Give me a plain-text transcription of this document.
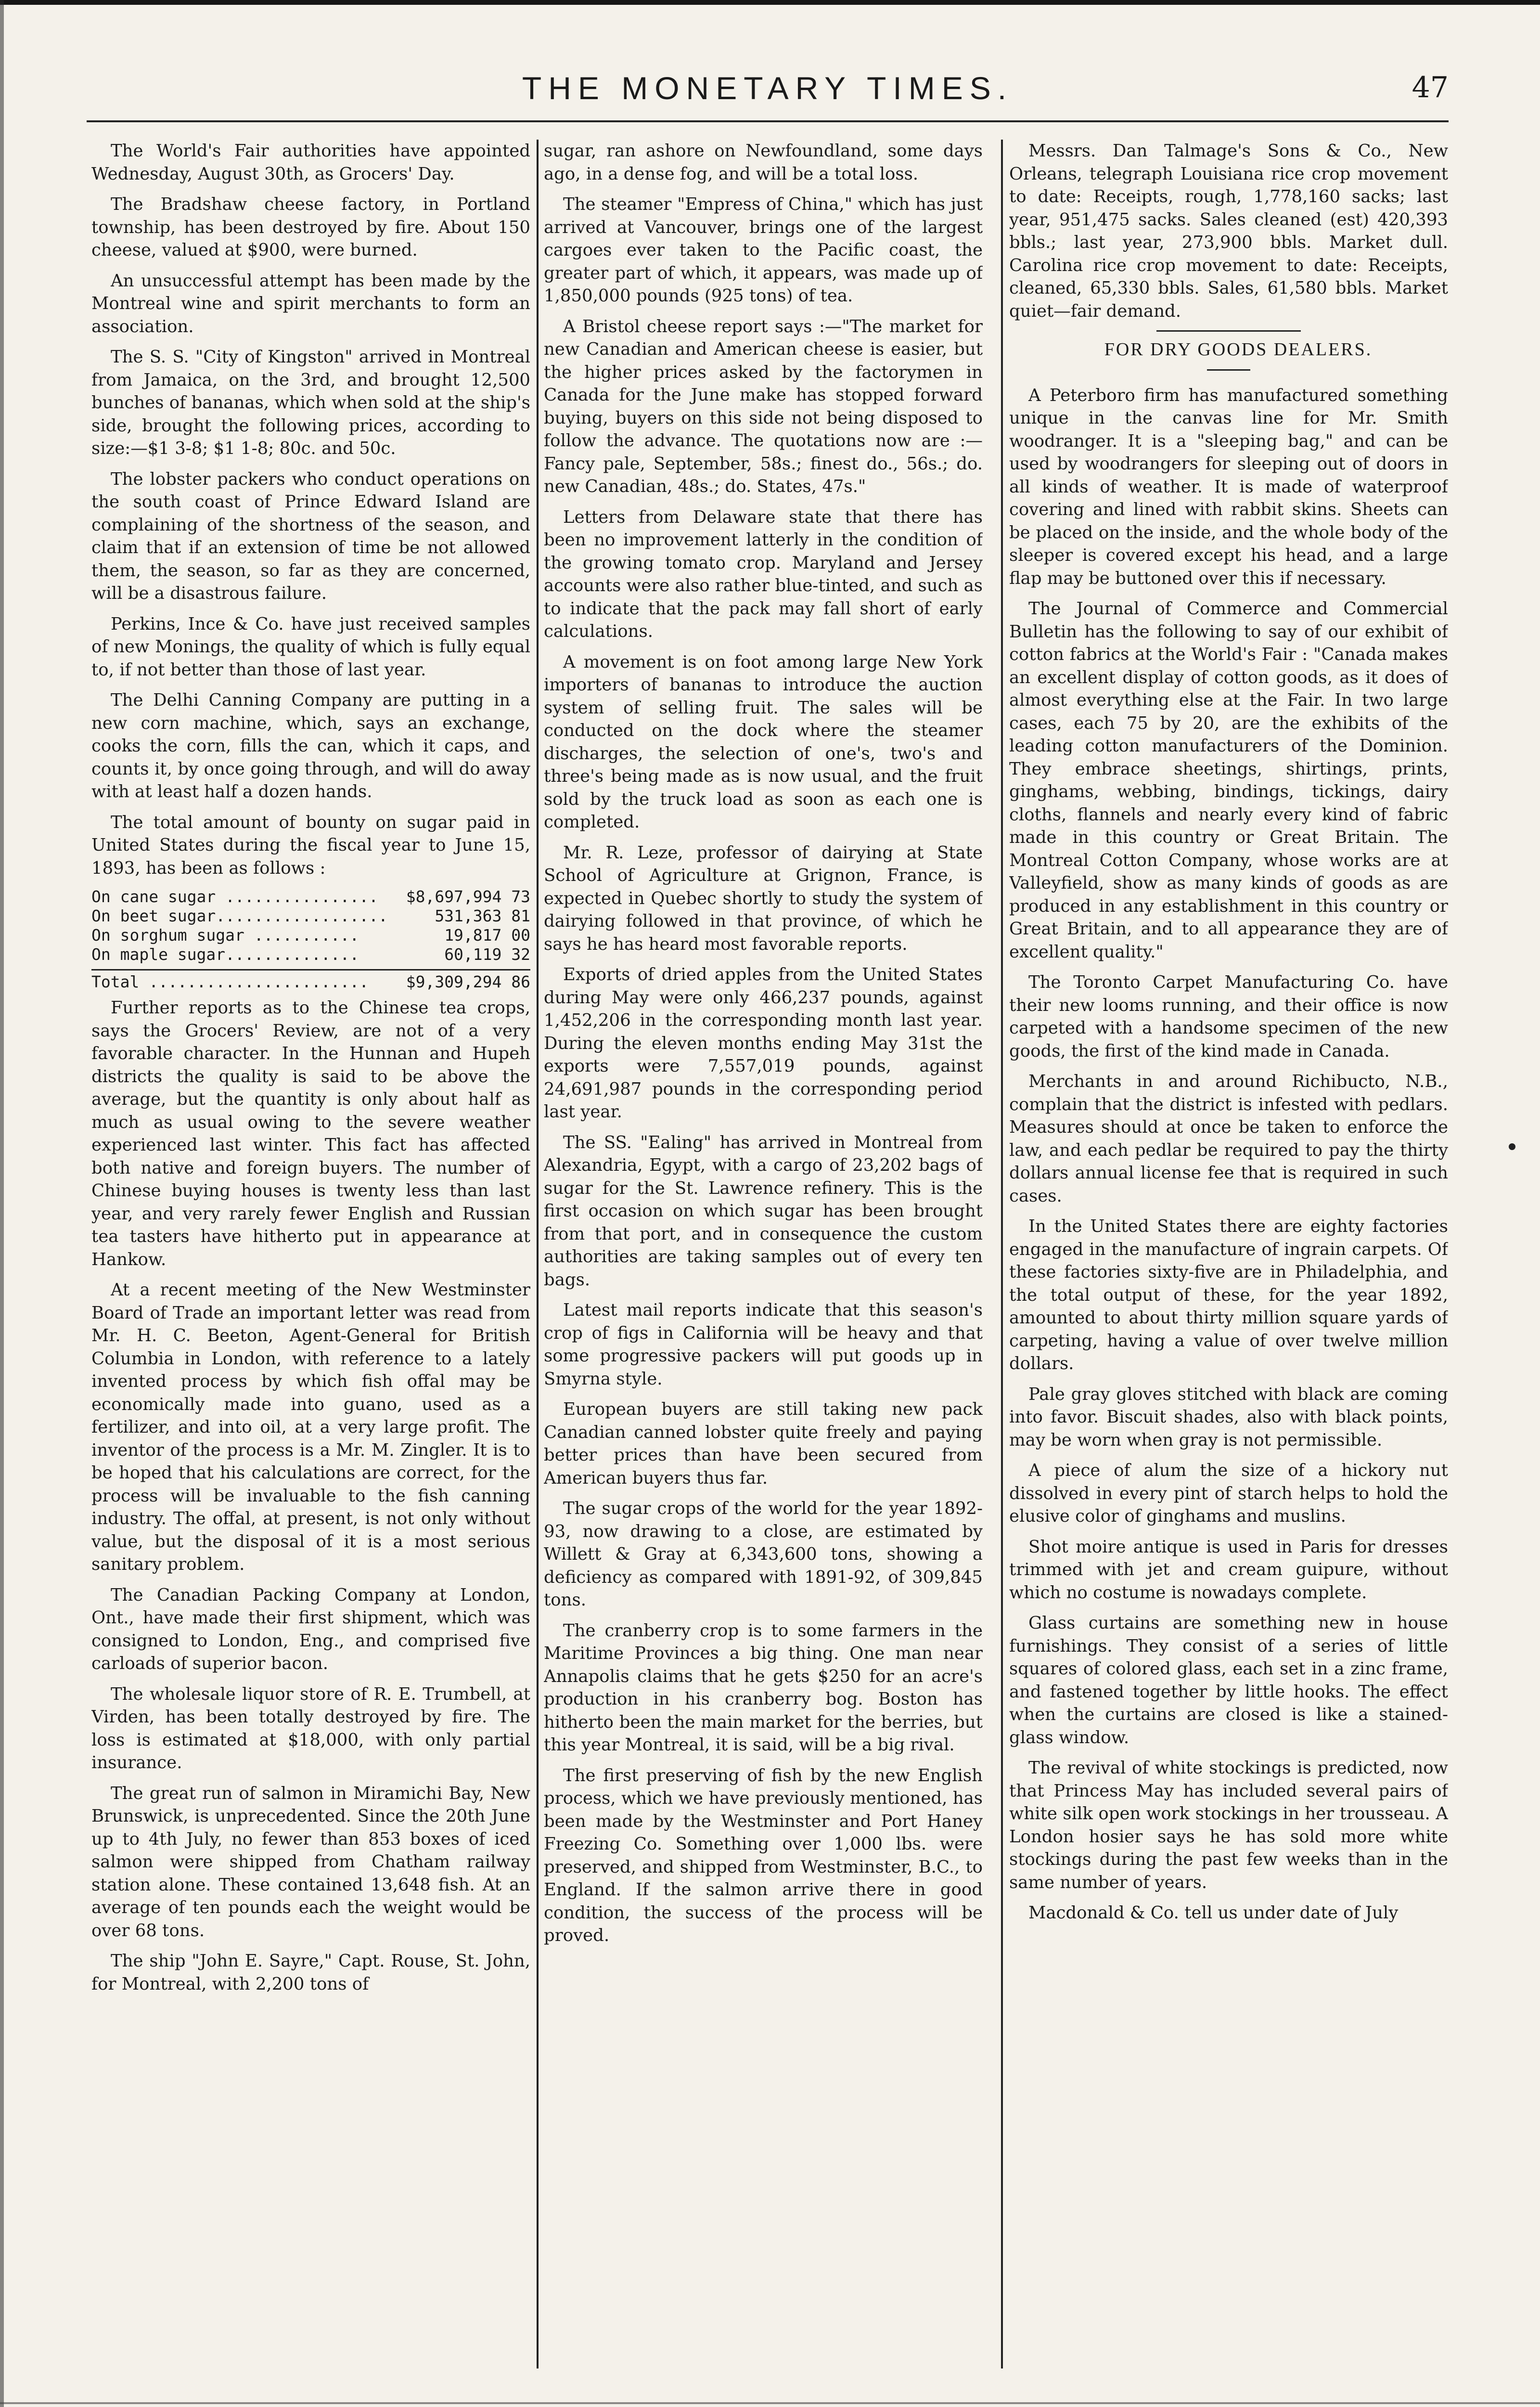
THE MONETARY TIMES.	47

The World's Fair authorities have appointed Wednesday, August 30th, as Grocers' Day.

The Bradshaw cheese factory, in Portland township, has been destroyed by fire. About 150 cheese, valued at $900, were burned.

An unsuccessful attempt has been made by the Montreal wine and spirit merchants to form an association.

The S. S. "City of Kingston" arrived in Montreal from Jamaica, on the 3rd, and brought 12,500 bunches of bananas, which when sold at the ship's side, brought the following prices, according to size:—$1 3-8; $1 1-8; 80c. and 50c.

The lobster packers who conduct operations on the south coast of Prince Edward Island are complaining of the shortness of the season, and claim that if an extension of time be not allowed them, the season, so far as they are concerned, will be a disastrous failure.

Perkins, Ince & Co. have just received samples of new Monings, the quality of which is fully equal to, if not better than those of last year.

The Delhi Canning Company are putting in a new corn machine, which, says an exchange, cooks the corn, fills the can, which it caps, and counts it, by once going through, and will do away with at least half a dozen hands.

The total amount of bounty on sugar paid in United States during the fiscal year to June 15, 1893, has been as follows :

On cane sugar ................ $8,697,994 73
On beet sugar..................	531,363 81
On sorghum sugar ...........	19,817 00
On maple sugar..............	60,119 32
Total ....................... $9,309,294 86

Further reports as to the Chinese tea crops, says the Grocers' Review, are not of a very favorable character. In the Hunnan and Hupeh districts the quality is said to be above the average, but the quantity is only about half as much as usual owing to the severe weather experienced last winter. This fact has affected both native and foreign buyers. The number of Chinese buying houses is twenty less than last year, and very rarely fewer English and Russian tea tasters have hitherto put in appearance at Hankow.

At a recent meeting of the New Westminster Board of Trade an important letter was read from Mr. H. C. Beeton, Agent-General for British Columbia in London, with reference to a lately invented process by which fish offal may be economically made into guano, used as a fertilizer, and into oil, at a very large profit. The inventor of the process is a Mr. M. Zingler. It is to be hoped that his calculations are correct, for the process will be invaluable to the fish canning industry. The offal, at present, is not only without value, but the disposal of it is a most serious sanitary problem.

The Canadian Packing Company at London, Ont., have made their first shipment, which was consigned to London, Eng., and comprised five carloads of superior bacon.

The wholesale liquor store of R. E. Trumbell, at Virden, has been totally destroyed by fire. The loss is estimated at $18,000, with only partial insurance.

The great run of salmon in Miramichi Bay, New Brunswick, is unprecedented. Since the 20th June up to 4th July, no fewer than 853 boxes of iced salmon were shipped from Chatham railway station alone. These contained 13,648 fish. At an average of ten pounds each the weight would be over 68 tons.

The ship "John E. Sayre," Capt. Rouse, St. John, for Montreal, with 2,200 tons of

sugar, ran ashore on Newfoundland, some days ago, in a dense fog, and will be a total loss.

The steamer "Empress of China," which has just arrived at Vancouver, brings one of the largest cargoes ever taken to the Pacific coast, the greater part of which, it appears, was made up of 1,850,000 pounds (925 tons) of tea.

A Bristol cheese report says :—"The market for new Canadian and American cheese is easier, but the higher prices asked by the factorymen in Canada for the June make has stopped forward buying, buyers on this side not being disposed to follow the advance. The quotations now are :—Fancy pale, September, 58s.; finest do., 56s.; do. new Canadian, 48s.; do. States, 47s."

Letters from Delaware state that there has been no improvement latterly in the condition of the growing tomato crop. Maryland and Jersey accounts were also rather blue-tinted, and such as to indicate that the pack may fall short of early calculations.

A movement is on foot among large New York importers of bananas to introduce the auction system of selling fruit. The sales will be conducted on the dock where the steamer discharges, the selection of one's, two's and three's being made as is now usual, and the fruit sold by the truck load as soon as each one is completed.

Mr. R. Leze, professor of dairying at State School of Agriculture at Grignon, France, is expected in Quebec shortly to study the system of dairying followed in that province, of which he says he has heard most favorable reports.

Exports of dried apples from the United States during May were only 466,237 pounds, against 1,452,206 in the corresponding month last year. During the eleven months ending May 31st the exports were 7,557,019 pounds, against 24,691,987 pounds in the corresponding period last year.

The SS. "Ealing" has arrived in Montreal from Alexandria, Egypt, with a cargo of 23,202 bags of sugar for the St. Lawrence refinery. This is the first occasion on which sugar has been brought from that port, and in consequence the custom authorities are taking samples out of every ten bags.

Latest mail reports indicate that this season's crop of figs in California will be heavy and that some progressive packers will put goods up in Smyrna style.

European buyers are still taking new pack Canadian canned lobster quite freely and paying better prices than have been secured from American buyers thus far.

The sugar crops of the world for the year 1892-93, now drawing to a close, are estimated by Willett & Gray at 6,343,600 tons, showing a deficiency as compared with 1891-92, of 309,845 tons.

The cranberry crop is to some farmers in the Maritime Provinces a big thing. One man near Annapolis claims that he gets $250 for an acre's production in his cranberry bog. Boston has hitherto been the main market for the berries, but this year Montreal, it is said, will be a big rival.

The first preserving of fish by the new English process, which we have previously mentioned, has been made by the Westminster and Port Haney Freezing Co. Something over 1,000 lbs. were preserved, and shipped from Westminster, B.C., to England. If the salmon arrive there in good condition, the success of the process will be proved.

Messrs. Dan Talmage's Sons & Co., New Orleans, telegraph Louisiana rice crop movement to date: Receipts, rough, 1,778,160 sacks; last year, 951,475 sacks. Sales cleaned (est) 420,393 bbls.; last year, 273,900 bbls. Market dull. Carolina rice crop movement to date: Receipts, cleaned, 65,330 bbls. Sales, 61,580 bbls. Market quiet—fair demand.

FOR DRY GOODS DEALERS.

A Peterboro firm has manufactured something unique in the canvas line for Mr. Smith woodranger. It is a "sleeping bag," and can be used by woodrangers for sleeping out of doors in all kinds of weather. It is made of waterproof covering and lined with rabbit skins. Sheets can be placed on the inside, and the whole body of the sleeper is covered except his head, and a large flap may be buttoned over this if necessary.

The Journal of Commerce and Commercial Bulletin has the following to say of our exhibit of cotton fabrics at the World's Fair : "Canada makes an excellent display of cotton goods, as it does of almost everything else at the Fair. In two large cases, each 75 by 20, are the exhibits of the leading cotton manufacturers of the Dominion. They embrace sheetings, shirtings, prints, ginghams, webbing, bindings, tickings, dairy cloths, flannels and nearly every kind of fabric made in this country or Great Britain. The Montreal Cotton Company, whose works are at Valleyfield, show as many kinds of goods as are produced in any establishment in this country or Great Britain, and to all appearance they are of excellent quality."

The Toronto Carpet Manufacturing Co. have their new looms running, and their office is now carpeted with a handsome specimen of the new goods, the first of the kind made in Canada.

Merchants in and around Richibucto, N.B., complain that the district is infested with pedlars. Measures should at once be taken to enforce the law, and each pedlar be required to pay the thirty dollars annual license fee that is required in such cases.

In the United States there are eighty factories engaged in the manufacture of ingrain carpets. Of these factories sixty-five are in Philadelphia, and the total output of these, for the year 1892, amounted to about thirty million square yards of carpeting, having a value of over twelve million dollars.

Pale gray gloves stitched with black are coming into favor. Biscuit shades, also with black points, may be worn when gray is not permissible.

A piece of alum the size of a hickory nut dissolved in every pint of starch helps to hold the elusive color of ginghams and muslins.

Shot moire antique is used in Paris for dresses trimmed with jet and cream guipure, without which no costume is nowadays complete.

Glass curtains are something new in house furnishings. They consist of a series of little squares of colored glass, each set in a zinc frame, and fastened together by little hooks. The effect when the curtains are closed is like a stained-glass window.

The revival of white stockings is predicted, now that Princess May has included several pairs of white silk open work stockings in her trousseau. A London hosier says he has sold more white stockings during the past few weeks than in the same number of years.

Macdonald & Co. tell us under date of July
